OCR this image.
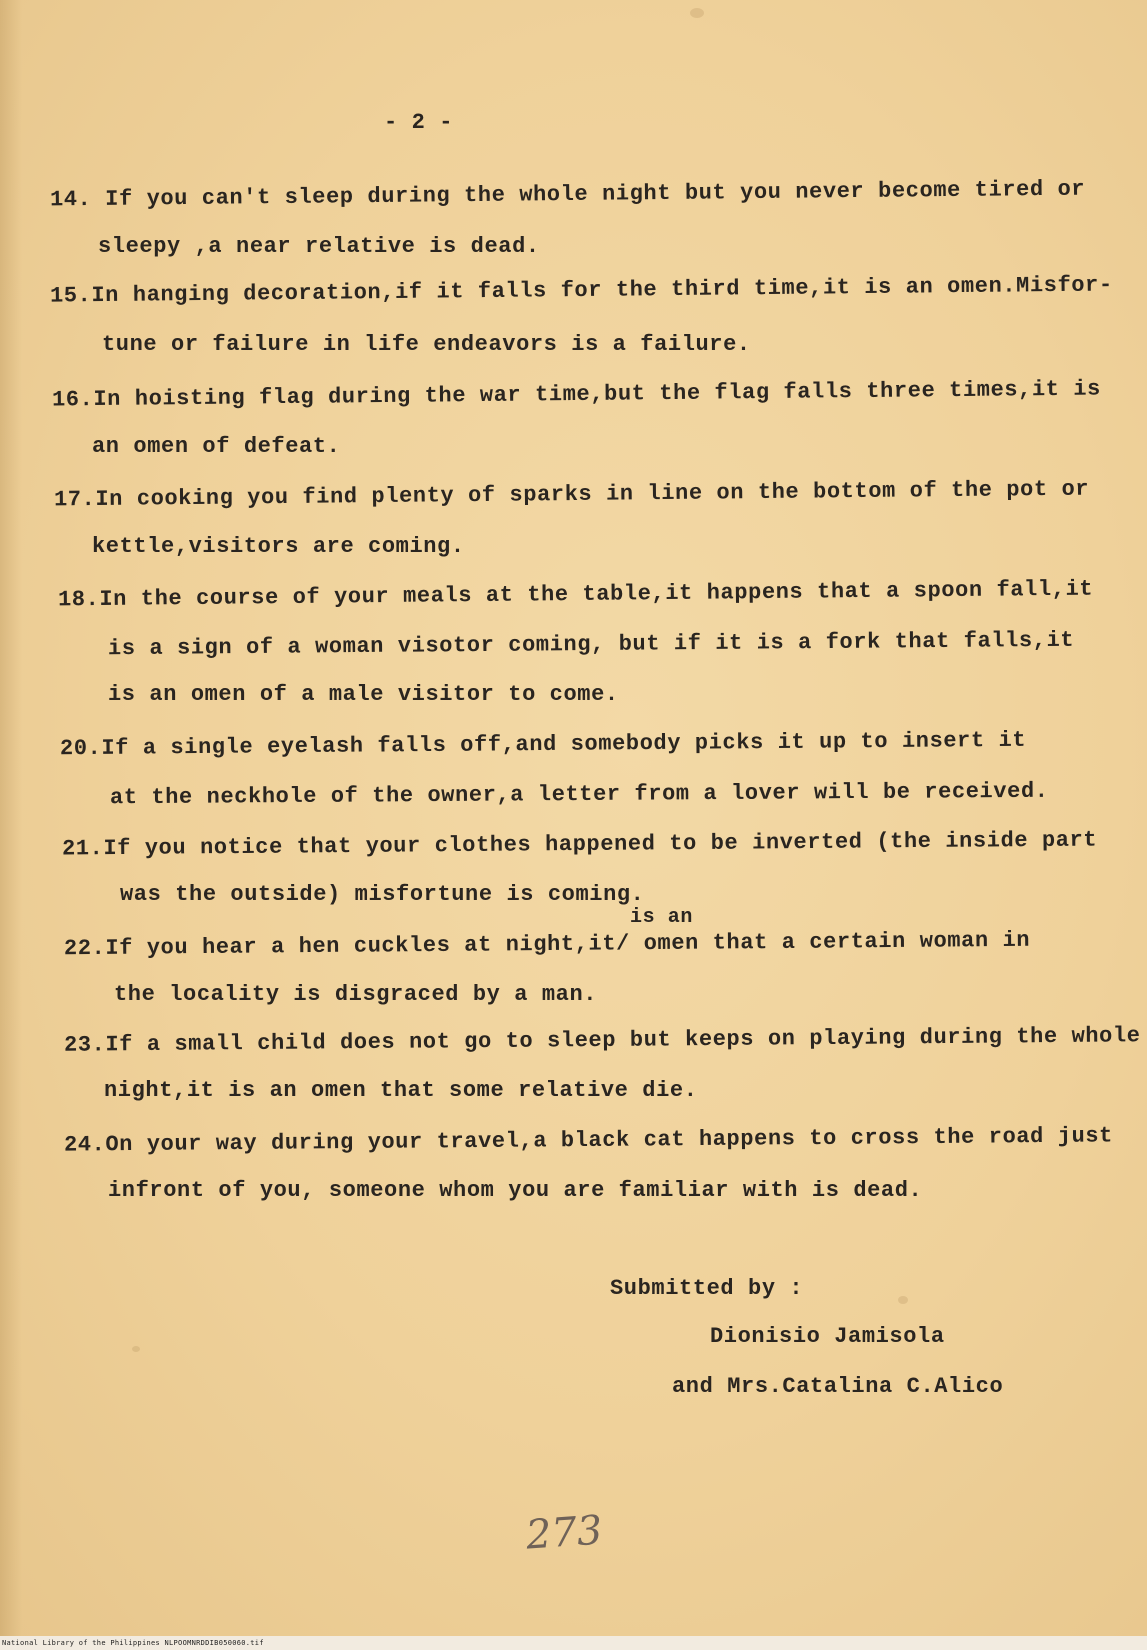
- 2 -
14. If you can't sleep during the whole night but you never become tired or
sleepy ,a near relative is dead.
15.In hanging decoration,if it falls for the third time,it is an omen.Misfor-
tune or failure in life endeavors is a failure.
16.In hoisting flag during the war time,but the flag falls three times,it is
an omen of defeat.
17.In cooking you find plenty of sparks in line on the bottom of the pot or
kettle,visitors are coming.
18.In the course of your meals at the table,it happens that a spoon fall,it
is a sign of a woman visotor coming, but if it is a fork that falls,it
is an omen of a male visitor to come.
20.If a single eyelash falls off,and somebody picks it up to insert it
at the neckhole of the owner,a letter from a lover will be received.
21.If you notice that your clothes happened to be inverted (the inside part
was the outside) misfortune is coming.
is an
22.If you hear a hen cuckles at night,it/ omen that a certain woman in
the locality is disgraced by a man.
23.If a small child does not go to sleep but keeps on playing during the whole
night,it is an omen that some relative die.
24.On your way during your travel,a black cat happens to cross the road just
infront of you, someone whom you are familiar with is dead.
Submitted by :
Dionisio Jamisola
and Mrs.Catalina C.Alico
273
National Library of the Philippines NLPOOMNRDDIB050060.tif
